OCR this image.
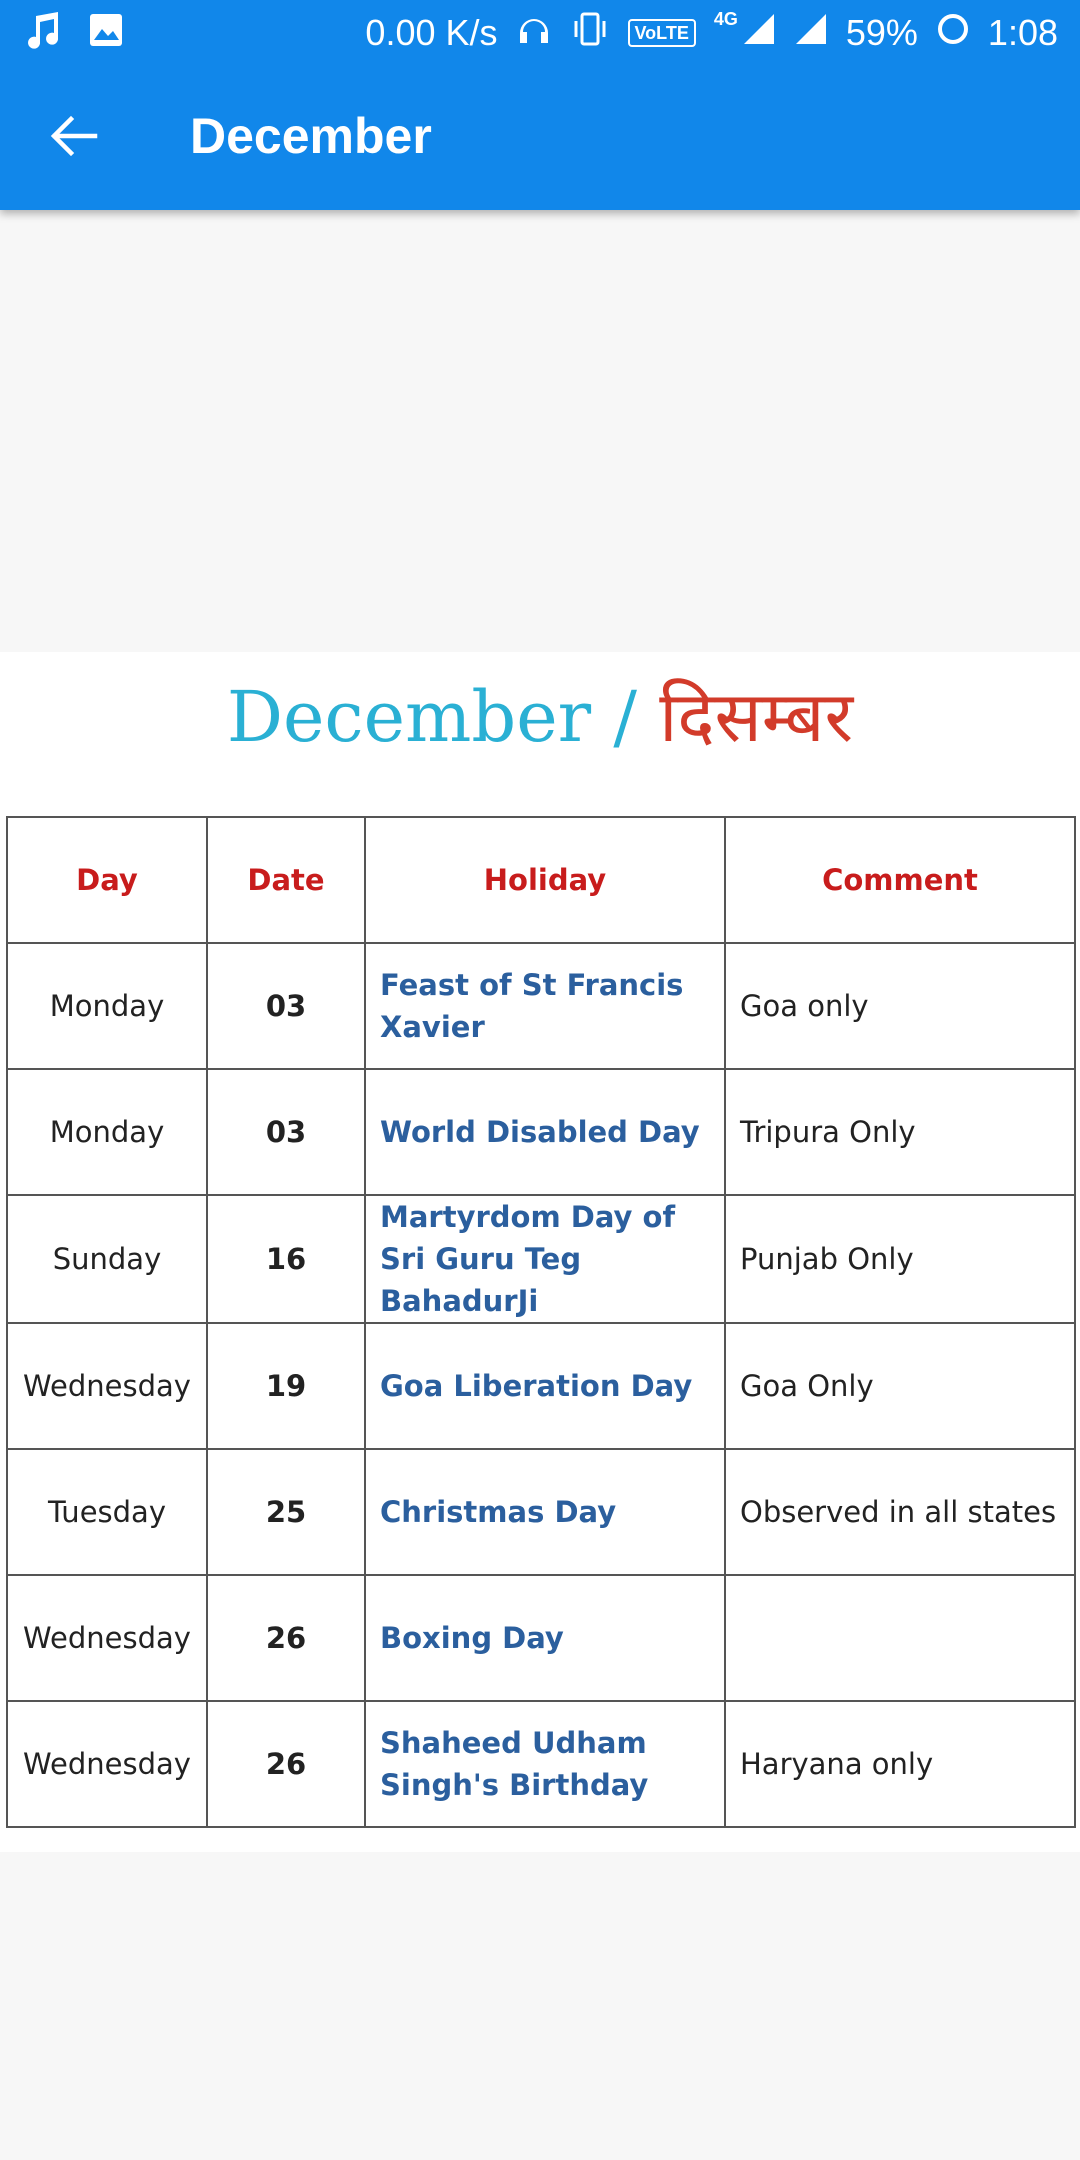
0.00 K/s	VoLTE
4G	59% 1:08
December
December / दिसम्बर
Day	Date	Holiday	Comment
Monday	03	Feast of St Francis Xavier	Goa only
Monday	03	World Disabled Day	Tripura Only
Sunday	16	Martyrdom Day of Sri Guru Teg BahadurJi	Punjab Only
Wednesday	19	Goa Liberation Day	Goa Only
Tuesday	25	Christmas Day	Observed in all states
Wednesday	26	Boxing Day	
Wednesday	26	Shaheed Udham Singh's Birthday	Haryana only
